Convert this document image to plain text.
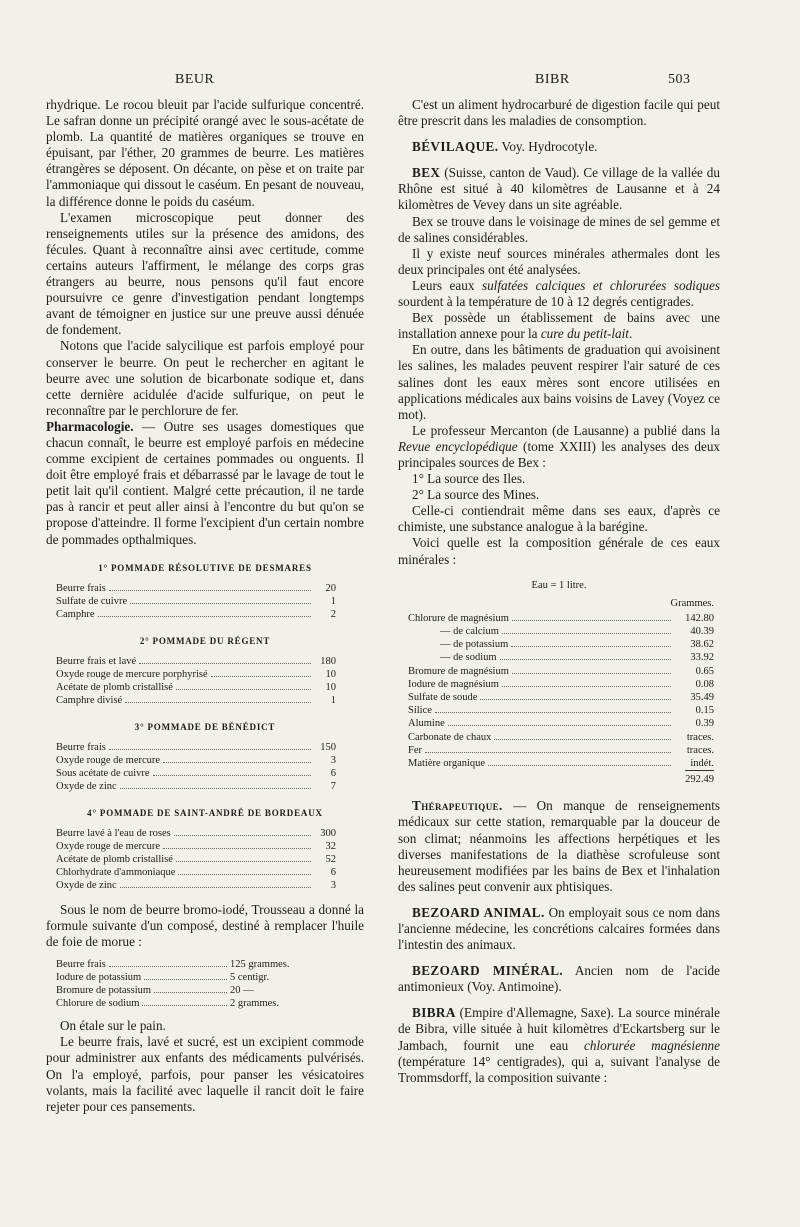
BEUR	BIBR	503

rhydrique. Le rocou bleuit par l'acide sulfurique concentré. Le safran donne un précipité orangé avec le sous-acétate de plomb. La quantité de matières organiques se trouve en épuisant, par l'éther, 20 grammes de beurre. Les matières étrangères se déposent. On décante, on pèse et on traite par l'ammoniaque qui dissout le caséum. En pesant de nouveau, la différence donne le poids du caséum.

L'examen microscopique peut donner des renseignements utiles sur la présence des amidons, des fécules. Quant à reconnaître ainsi avec certitude, comme certains auteurs l'affirment, le mélange des corps gras étrangers au beurre, nous pensons qu'il faut encore poursuivre ce genre d'investigation pendant longtemps avant de témoigner en justice sur une preuve aussi dénuée de fondement.

Notons que l'acide salycilique est parfois employé pour conserver le beurre. On peut le rechercher en agitant le beurre avec une solution de bicarbonate sodique et, dans cette dernière acidulée d'acide sulfurique, on peut le reconnaître par le perchlorure de fer.

Pharmacologie. — Outre ses usages domestiques que chacun connaît, le beurre est employé parfois en médecine comme excipient de certaines pommades ou onguents. Il doit être employé frais et débarrassé par le lavage de tout le petit lait qu'il contient. Malgré cette précaution, il ne tarde pas à rancir et peut aller ainsi à l'encontre du but qu'on se propose d'atteindre. Il forme l'excipient d'un certain nombre de pommades opthalmiques.

1° POMMADE RÉSOLUTIVE DE DESMARES
Beurre frais	20
Sulfate de cuivre	1
Camphre	2
2° POMMADE DU RÉGENT
Beurre frais et lavé	180
Oxyde rouge de mercure porphyrisé	10
Acétate de plomb cristallisé	10
Camphre divisé	1
3° POMMADE DE BÉNÉDICT
Beurre frais	150
Oxyde rouge de mercure	3
Sous acétate de cuivre	6
Oxyde de zinc	7
4° POMMADE DE SAINT-ANDRÉ DE BORDEAUX
Beurre lavé à l'eau de roses	300
Oxyde rouge de mercure	32
Acétate de plomb cristallisé	52
Chlorhydrate d'ammoniaque	6
Oxyde de zinc	3

Sous le nom de beurre bromo-iodé, Trousseau a donné la formule suivante d'un composé, destiné à remplacer l'huile de foie de morue :

Beurre frais	125 grammes.
Iodure de potassium	5 centigr.
Bromure de potassium	20 —
Chlorure de sodium	2 grammes.

On étale sur le pain.

Le beurre frais, lavé et sucré, est un excipient commode pour administrer aux enfants des médicaments pulvérisés. On l'a employé, parfois, pour panser les vésicatoires volants, mais la facilité avec laquelle il rancit doit le faire rejeter pour ces pansements.

C'est un aliment hydrocarburé de digestion facile qui peut être prescrit dans les maladies de consomption.

BÉVILAQUE. Voy. Hydrocotyle.

BEX (Suisse, canton de Vaud). Ce village de la vallée du Rhône est situé à 40 kilomètres de Lausanne et à 24 kilomètres de Vevey dans un site agréable.

Bex se trouve dans le voisinage de mines de sel gemme et de salines considérables.

Il y existe neuf sources minérales athermales dont les deux principales ont été analysées.

Leurs eaux sulfatées calciques et chlorurées sodiques sourdent à la température de 10 à 12 degrés centigrades.

Bex possède un établissement de bains avec une installation annexe pour la cure du petit-lait.

En outre, dans les bâtiments de graduation qui avoisinent les salines, les malades peuvent respirer l'air saturé de ces salines dont les eaux mères sont encore utilisées en applications médicales aux bains voisins de Lavey (Voyez ce mot).

Le professeur Mercanton (de Lausanne) a publié dans la Revue encyclopédique (tome XXIII) les analyses des deux principales sources de Bex :

1° La source des Iles.

2° La source des Mines.

Celle-ci contiendrait même dans ses eaux, d'après ce chimiste, une substance analogue à la barégine.

Voici quelle est la composition générale de ces eaux minérales :

Eau = 1 litre.
Grammes.
Chlorure de magnésium	142.80
— de calcium	40.39
— de potassium	38.62
— de sodium	33.92
Bromure de magnésium	0.65
Iodure de magnésium	0.08
Sulfate de soude	35.49
Silice	0.15
Alumine	0.39
Carbonate de chaux	traces.
Fer	traces.
Matière organique	indét.
292.49

Thérapeutique. — On manque de renseignements médicaux sur cette station, remarquable par la douceur de son climat; néanmoins les affections herpétiques et les diverses manifestations de la diathèse scrofuleuse sont heureusement modifiées par les bains de Bex et l'inhalation des salines peut convenir aux phtisiques.

BEZOARD ANIMAL. On employait sous ce nom dans l'ancienne médecine, les concrétions calcaires formées dans l'intestin des animaux.

BEZOARD MINÉRAL. Ancien nom de l'acide antimonieux (Voy. Antimoine).

BIBRA (Empire d'Allemagne, Saxe). La source minérale de Bibra, ville située à huit kilomètres d'Eckartsberg sur le Jambach, fournit une eau chlorurée magnésienne (température 14° centigrades), qui a, suivant l'analyse de Trommsdorff, la composition suivante :
